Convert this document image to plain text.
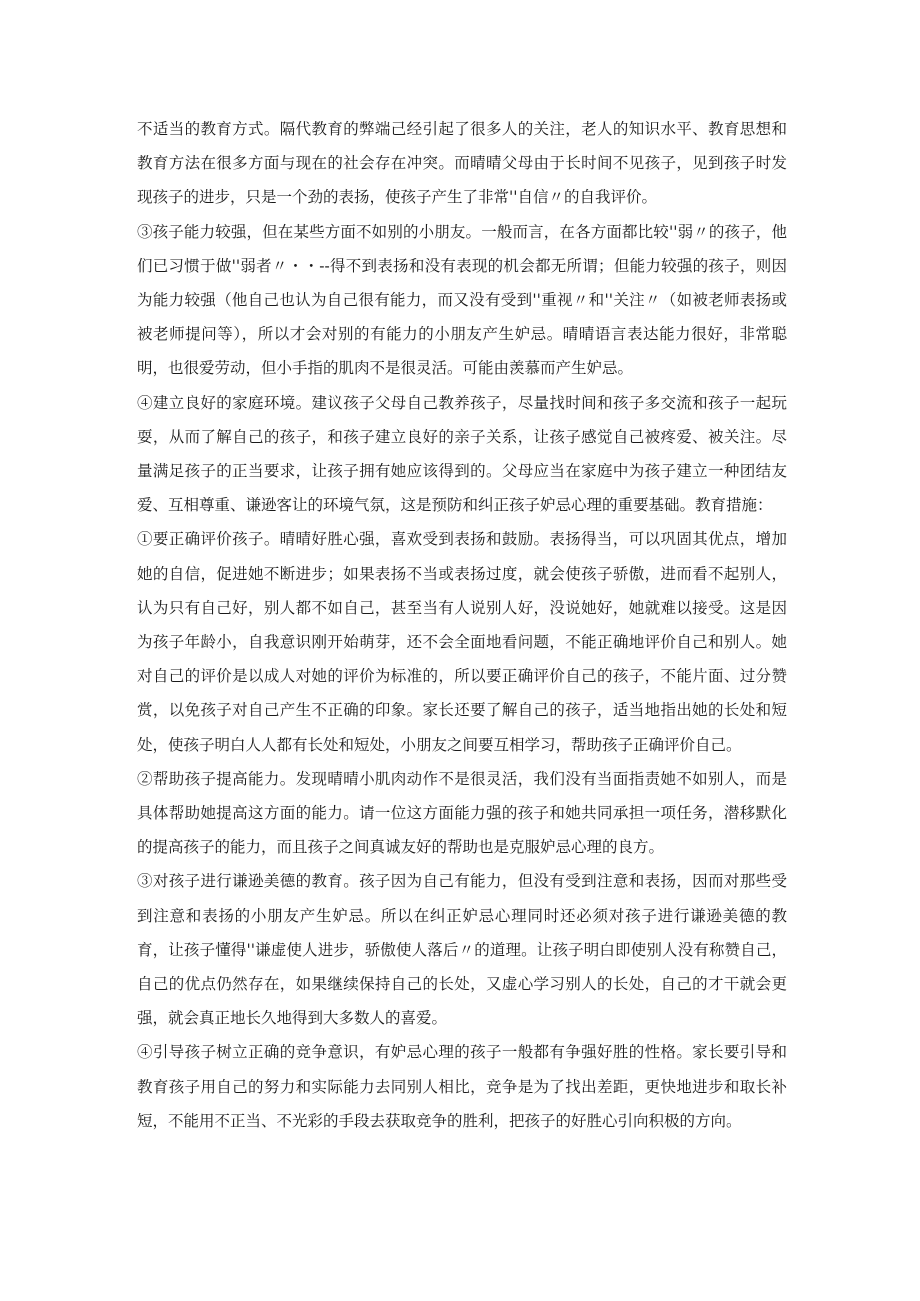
不适当的教育方式。隔代教育的弊端己经引起了很多人的关注，老人的知识水平、教育思想和教育方法在很多方面与现在的社会存在冲突。而晴晴父母由于长时间不见孩子，见到孩子时发现孩子的进步，只是一个劲的表扬，使孩子产生了非常''自信〃的自我评价。

③孩子能力较强，但在某些方面不如别的小朋友。一般而言，在各方面都比较''弱〃的孩子，他们已习惯于做''弱者〃・・--得不到表扬和没有表现的机会都无所谓；但能力较强的孩子，则因为能力较强（他自己也认为自己很有能力，而又没有受到''重视〃和''关注〃（如被老师表扬或被老师提问等），所以才会对别的有能力的小朋友产生妒忌。晴晴语言表达能力很好，非常聪明，也很爱劳动，但小手指的肌肉不是很灵活。可能由羡慕而产生妒忌。

④建立良好的家庭环境。建议孩子父母自己教养孩子，尽量找时间和孩子多交流和孩子一起玩耍，从而了解自己的孩子，和孩子建立良好的亲子关系，让孩子感觉自己被疼爱、被关注。尽量满足孩子的正当要求，让孩子拥有她应该得到的。父母应当在家庭中为孩子建立一种团结友爱、互相尊重、谦逊客让的环境气氛，这是预防和纠正孩子妒忌心理的重要基础。教育措施：

①要正确评价孩子。晴晴好胜心强，喜欢受到表扬和鼓励。表扬得当，可以巩固其优点，增加她的自信，促进她不断进步；如果表扬不当或表扬过度，就会使孩子骄傲，进而看不起别人，认为只有自己好，别人都不如自己，甚至当有人说别人好，没说她好，她就难以接受。这是因为孩子年龄小，自我意识刚开始萌芽，还不会全面地看问题，不能正确地评价自己和别人。她对自己的评价是以成人对她的评价为标准的，所以要正确评价自己的孩子，不能片面、过分赞赏，以免孩子对自己产生不正确的印象。家长还要了解自己的孩子，适当地指出她的长处和短处，使孩子明白人人都有长处和短处，小朋友之间要互相学习，帮助孩子正确评价自己。

②帮助孩子提高能力。发现晴晴小肌肉动作不是很灵活，我们没有当面指责她不如别人，而是具体帮助她提高这方面的能力。请一位这方面能力强的孩子和她共同承担一项任务，潜移默化的提高孩子的能力，而且孩子之间真诚友好的帮助也是克服妒忌心理的良方。

③对孩子进行谦逊美德的教育。孩子因为自己有能力，但没有受到注意和表扬，因而对那些受到注意和表扬的小朋友产生妒忌。所以在纠正妒忌心理同时还必须对孩子进行谦逊美德的教育，让孩子懂得''谦虚使人进步，骄傲使人落后〃的道理。让孩子明白即使别人没有称赞自己，自己的优点仍然存在，如果继续保持自己的长处，又虚心学习别人的长处，自己的才干就会更强，就会真正地长久地得到大多数人的喜爱。

④引导孩子树立正确的竞争意识，有妒忌心理的孩子一般都有争强好胜的性格。家长要引导和教育孩子用自己的努力和实际能力去同别人相比，竞争是为了找出差距，更快地进步和取长补短，不能用不正当、不光彩的手段去获取竞争的胜利，把孩子的好胜心引向积极的方向。
